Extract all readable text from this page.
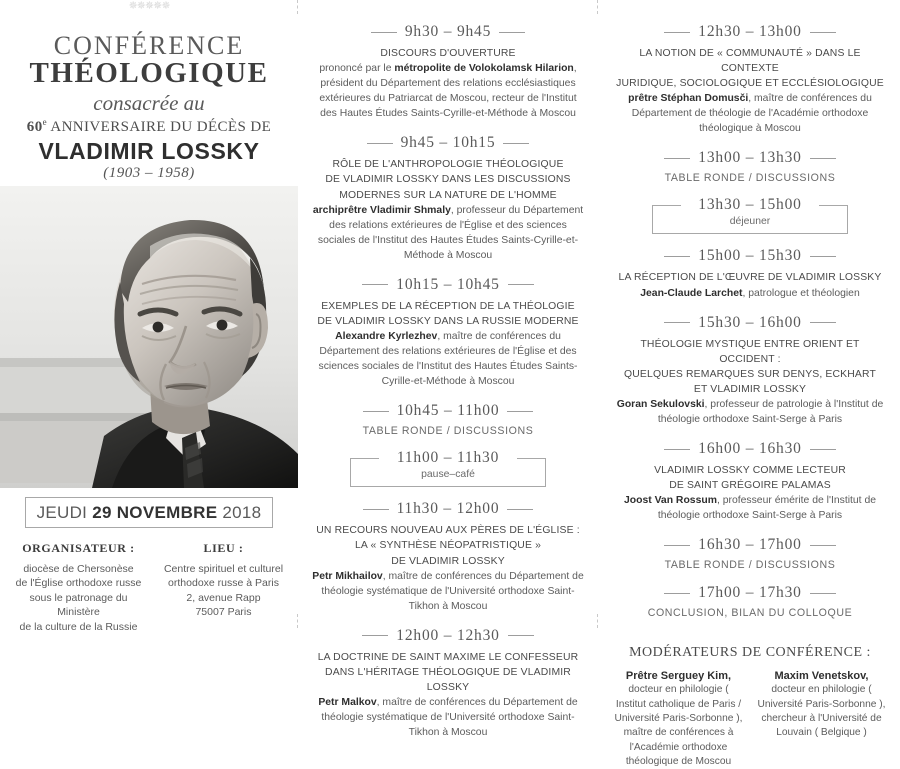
✵✵✵✵✵
CONFÉRENCE
THÉOLOGIQUE
consacrée au
60e ANNIVERSAIRE DU DÉCÈS DE
VLADIMIR LOSSKY
(1903 – 1958)
JEUDI 29 NOVEMBRE 2018
ORGANISATEUR :
diocèse de Chersonèse
de l'Église orthodoxe russe
sous le patronage du Ministère
de la culture de la Russie
LIEU :
Centre spirituel et culturel
orthodoxe russe à Paris
2, avenue Rapp
75007 Paris
9h30 – 9h45
DISCOURS D'OUVERTURE
prononcé par le métropolite de Volokolamsk Hilarion, président du Département des relations ecclésiastiques extérieures du Patriarcat de Moscou, recteur de l'Institut des Hautes Études Saints-Cyrille-et-Méthode à Moscou
9h45 – 10h15
RÔLE DE L'ANTHROPOLOGIE THÉOLOGIQUE
DE VLADIMIR LOSSKY DANS LES DISCUSSIONS
MODERNES SUR LA NATURE DE L'HOMME
archiprêtre Vladimir Shmaly, professeur du Département des relations extérieures de l'Église et des sciences sociales de l'Institut des Hautes Études Saints-Cyrille-et-Méthode à Moscou
10h15 – 10h45
EXEMPLES DE LA RÉCEPTION DE LA THÉOLOGIE
DE VLADIMIR LOSSKY DANS LA RUSSIE MODERNE
Alexandre Kyrlezhev, maître de conférences du Département des relations extérieures de l'Église et des sciences sociales de l'Institut des Hautes Études Saints-Cyrille-et-Méthode à Moscou
10h45 – 11h00
TABLE RONDE / DISCUSSIONS
11h00 – 11h30
pause–café
11h30 – 12h00
UN RECOURS NOUVEAU AUX PÈRES DE L'ÉGLISE :
LA « SYNTHÈSE NÉOPATRISTIQUE »
DE VLADIMIR LOSSKY
Petr Mikhailov, maître de conférences du Département de théologie systématique de l'Université orthodoxe Saint-Tikhon à Moscou
12h00 – 12h30
LA DOCTRINE DE SAINT MAXIME LE CONFESSEUR
DANS L'HÉRITAGE THÉOLOGIQUE DE VLADIMIR LOSSKY
Petr Malkov, maître de conférences du Département de théologie systématique de l'Université orthodoxe Saint-Tikhon à Moscou
12h30 – 13h00
LA NOTION DE « COMMUNAUTÉ » DANS LE CONTEXTE
JURIDIQUE, SOCIOLOGIQUE ET ECCLÉSIOLOGIQUE
prêtre Stéphan Domusči, maître de conférences du Département de théologie de l'Académie orthodoxe théologique à Moscou
13h00 – 13h30
TABLE RONDE / DISCUSSIONS
13h30 – 15h00
déjeuner
15h00 – 15h30
LA RÉCEPTION DE L'ŒUVRE DE VLADIMIR LOSSKY
Jean-Claude Larchet, patrologue et théologien
15h30 – 16h00
THÉOLOGIE MYSTIQUE ENTRE ORIENT ET OCCIDENT :
QUELQUES REMARQUES SUR DENYS, ECKHART
ET VLADIMIR LOSSKY
Goran Sekulovski, professeur de patrologie à l'Institut de théologie orthodoxe Saint-Serge à Paris
16h00 – 16h30
VLADIMIR LOSSKY COMME LECTEUR
DE SAINT GRÉGOIRE PALAMAS
Joost Van Rossum, professeur émérite de l'Institut de théologie orthodoxe Saint-Serge à Paris
16h30 – 17h00
TABLE RONDE / DISCUSSIONS
17h00 – 17h30
CONCLUSION, BILAN DU COLLOQUE
MODÉRATEURS DE CONFÉRENCE :
Prêtre Serguey Kim,
docteur en philologie ( Institut catholique de Paris / Université Paris-Sorbonne ), maître de conférences à l'Académie orthodoxe théologique de Moscou
Maxim Venetskov,
docteur en philologie ( Université Paris-Sorbonne ), chercheur à l'Université de Louvain ( Belgique )
